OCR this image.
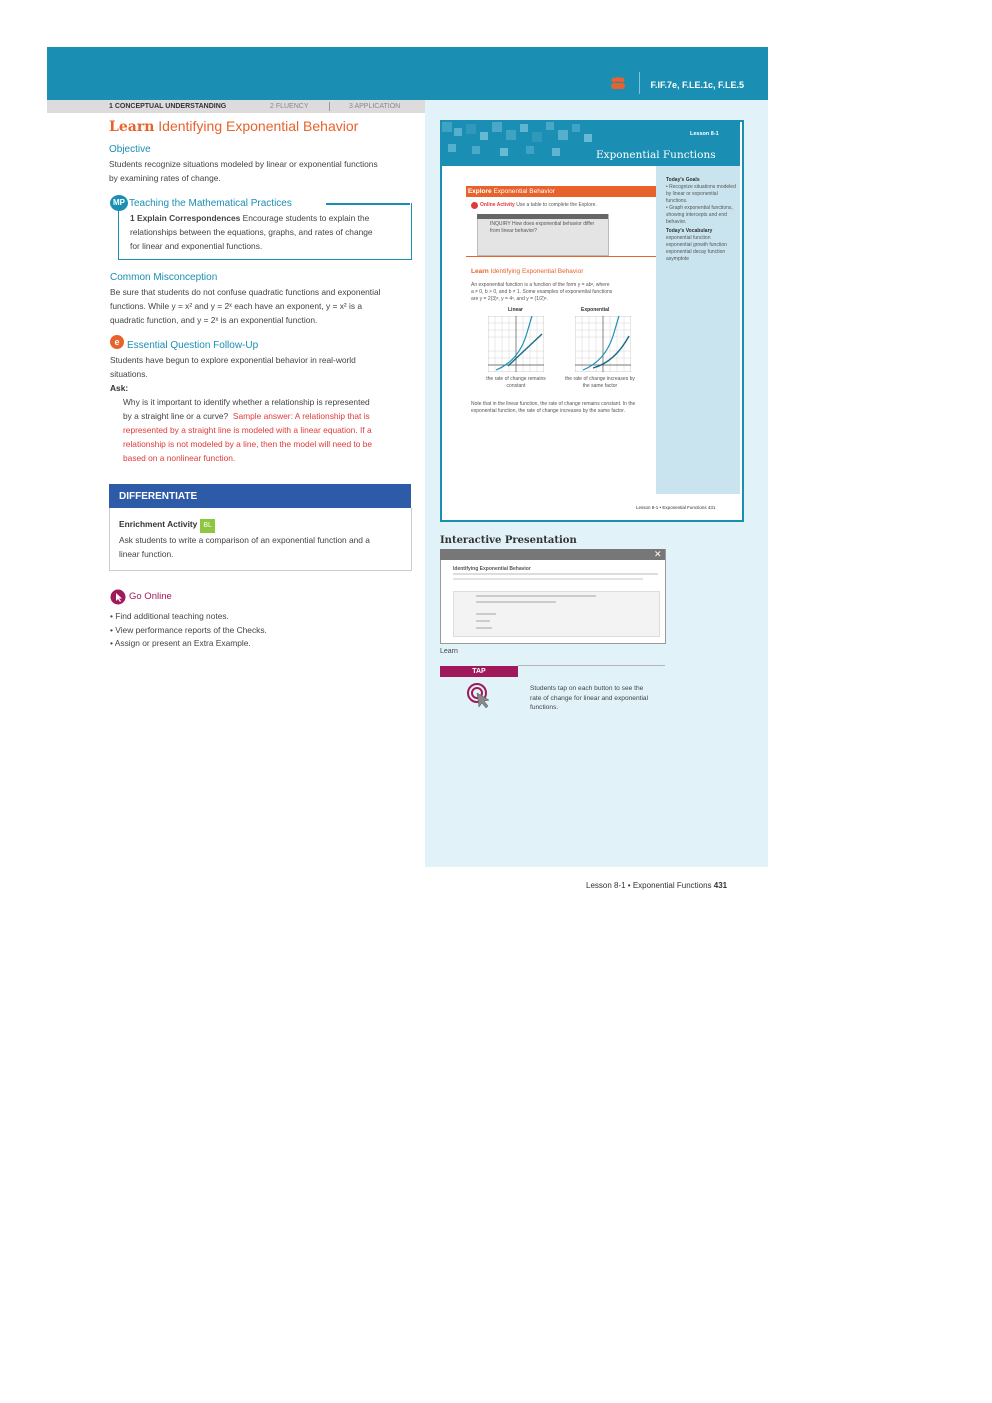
F.IF.7e, F.LE.1c, F.LE.5
1 CONCEPTUAL UNDERSTANDING	2 FLUENCY	3 APPLICATION
Learn Identifying Exponential Behavior
Objective
Students recognize situations modeled by linear or exponential functions
by examining rates of change.
MP Teaching the Mathematical Practices
1 Explain Correspondences Encourage students to explain the
relationships between the equations, graphs, and rates of change
for linear and exponential functions.
Common Misconception
Be sure that students do not confuse quadratic functions and exponential
functions. While y = x² and y = 2ˣ each have an exponent, y = x² is a
quadratic function, and y = 2ˣ is an exponential function.
e Essential Question Follow-Up
Students have begun to explore exponential behavior in real-world
situations.
Ask:
Why is it important to identify whether a relationship is represented
by a straight line or a curve? Sample answer: A relationship that is
represented by a straight line is modeled with a linear equation. If a
relationship is not modeled by a line, then the model will need to be
based on a nonlinear function.
DIFFERENTIATE
Enrichment Activity BL
Ask students to write a comparison of an exponential function and a
linear function.
Go Online
• Find additional teaching notes.
• View performance reports of the Checks.
• Assign or present an Extra Example.
Lesson 8-1
Exponential Functions
Today's Goals
• Recognize situations modeled by linear or exponential functions.
• Graph exponential functions, showing intercepts and end behavior.
Today's Vocabulary
exponential function
exponential growth function
exponential decay function
asymptote
Explore Exponential Behavior
Online Activity Use a table to complete the Explore.
INQUIRY How does exponential behavior differ from linear behavior?
Learn Identifying Exponential Behavior
An exponential function is a function of the form y = abˣ, where
a ≠ 0, b > 0, and b ≠ 1. Some examples of exponential functions
are y = 2(3)ˣ, y = 4ˣ, and y = (1/2)ˣ.
Linear	Exponential
the rate of change remains constant
the rate of change increases by the same factor
Note that in the linear function, the rate of change remains constant. In the exponential function, the rate of change increases by the same factor.
Lesson 8-1 • Exponential Functions 431
Interactive Presentation
✕
Identifying Exponential Behavior
Learn
TAP
Students tap on each button to see the
rate of change for linear and exponential
functions.
Lesson 8-1 • Exponential Functions 431
